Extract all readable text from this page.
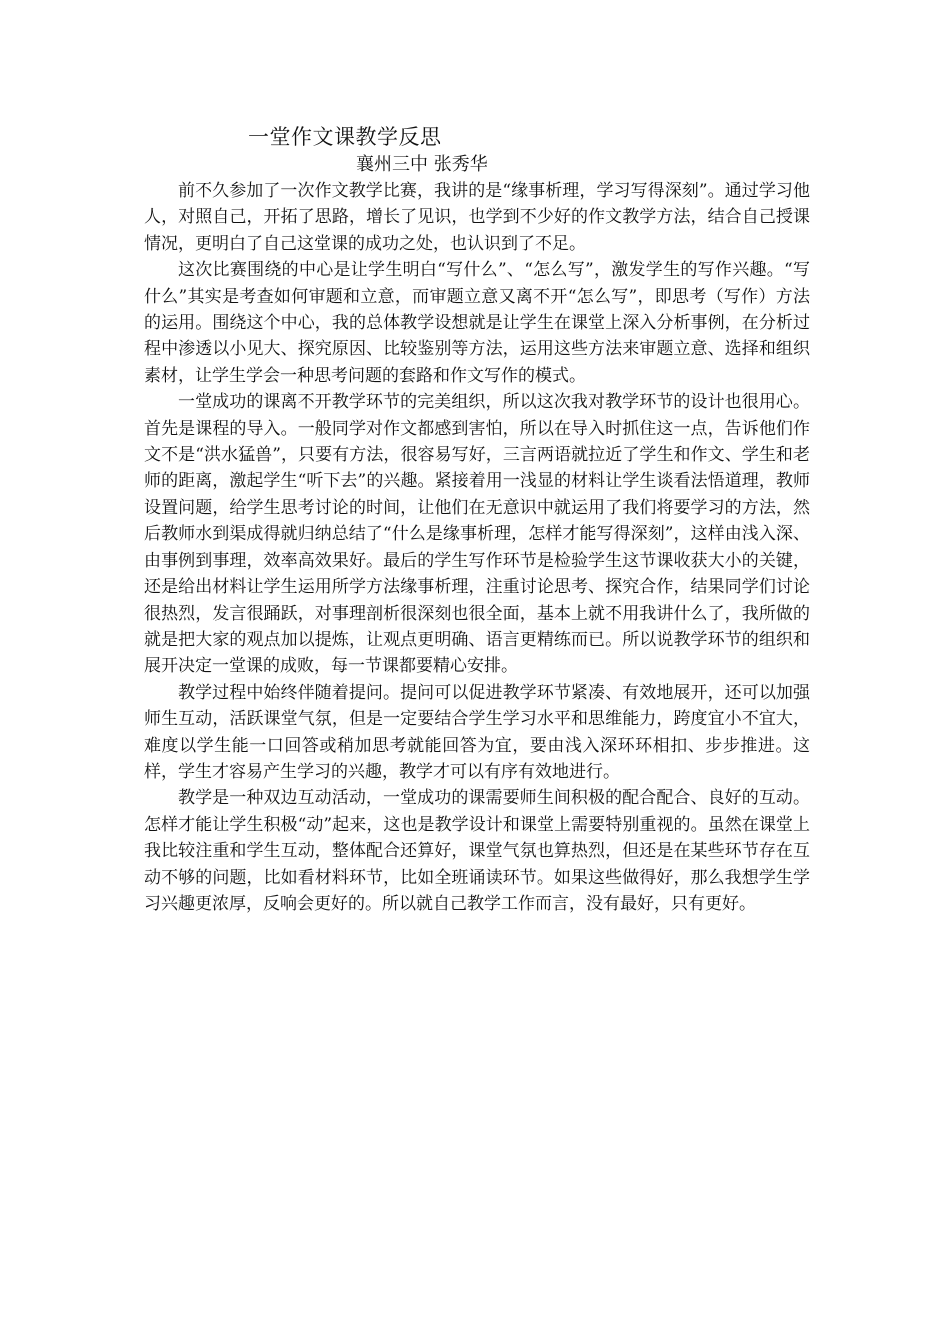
一堂作文课教学反思

襄州三中 张秀华

前不久参加了一次作文教学比赛，我讲的是“缘事析理，学习写得深刻”。通过学习他人，对照自己，开拓了思路，增长了见识，也学到不少好的作文教学方法，结合自己授课情况，更明白了自己这堂课的成功之处，也认识到了不足。

这次比赛围绕的中心是让学生明白“写什么”、“怎么写”，激发学生的写作兴趣。“写什么”其实是考查如何审题和立意，而审题立意又离不开“怎么写”，即思考（写作）方法的运用。围绕这个中心，我的总体教学设想就是让学生在课堂上深入分析事例，在分析过程中渗透以小见大、探究原因、比较鉴别等方法，运用这些方法来审题立意、选择和组织素材，让学生学会一种思考问题的套路和作文写作的模式。

一堂成功的课离不开教学环节的完美组织，所以这次我对教学环节的设计也很用心。首先是课程的导入。一般同学对作文都感到害怕，所以在导入时抓住这一点，告诉他们作文不是“洪水猛兽”，只要有方法，很容易写好，三言两语就拉近了学生和作文、学生和老师的距离，激起学生“听下去”的兴趣。紧接着用一浅显的材料让学生谈看法悟道理，教师设置问题，给学生思考讨论的时间，让他们在无意识中就运用了我们将要学习的方法，然后教师水到渠成得就归纳总结了“什么是缘事析理，怎样才能写得深刻”，这样由浅入深、由事例到事理，效率高效果好。最后的学生写作环节是检验学生这节课收获大小的关键，还是给出材料让学生运用所学方法缘事析理，注重讨论思考、探究合作，结果同学们讨论很热烈，发言很踊跃，对事理剖析很深刻也很全面，基本上就不用我讲什么了，我所做的就是把大家的观点加以提炼，让观点更明确、语言更精练而已。所以说教学环节的组织和展开决定一堂课的成败，每一节课都要精心安排。

教学过程中始终伴随着提问。提问可以促进教学环节紧凑、有效地展开，还可以加强师生互动，活跃课堂气氛，但是一定要结合学生学习水平和思维能力，跨度宜小不宜大，难度以学生能一口回答或稍加思考就能回答为宜，要由浅入深环环相扣、步步推进。这样，学生才容易产生学习的兴趣，教学才可以有序有效地进行。

教学是一种双边互动活动，一堂成功的课需要师生间积极的配合配合、良好的互动。怎样才能让学生积极“动”起来，这也是教学设计和课堂上需要特别重视的。虽然在课堂上我比较注重和学生互动，整体配合还算好，课堂气氛也算热烈，但还是在某些环节存在互动不够的问题，比如看材料环节，比如全班诵读环节。如果这些做得好，那么我想学生学习兴趣更浓厚，反响会更好的。所以就自己教学工作而言，没有最好，只有更好。
